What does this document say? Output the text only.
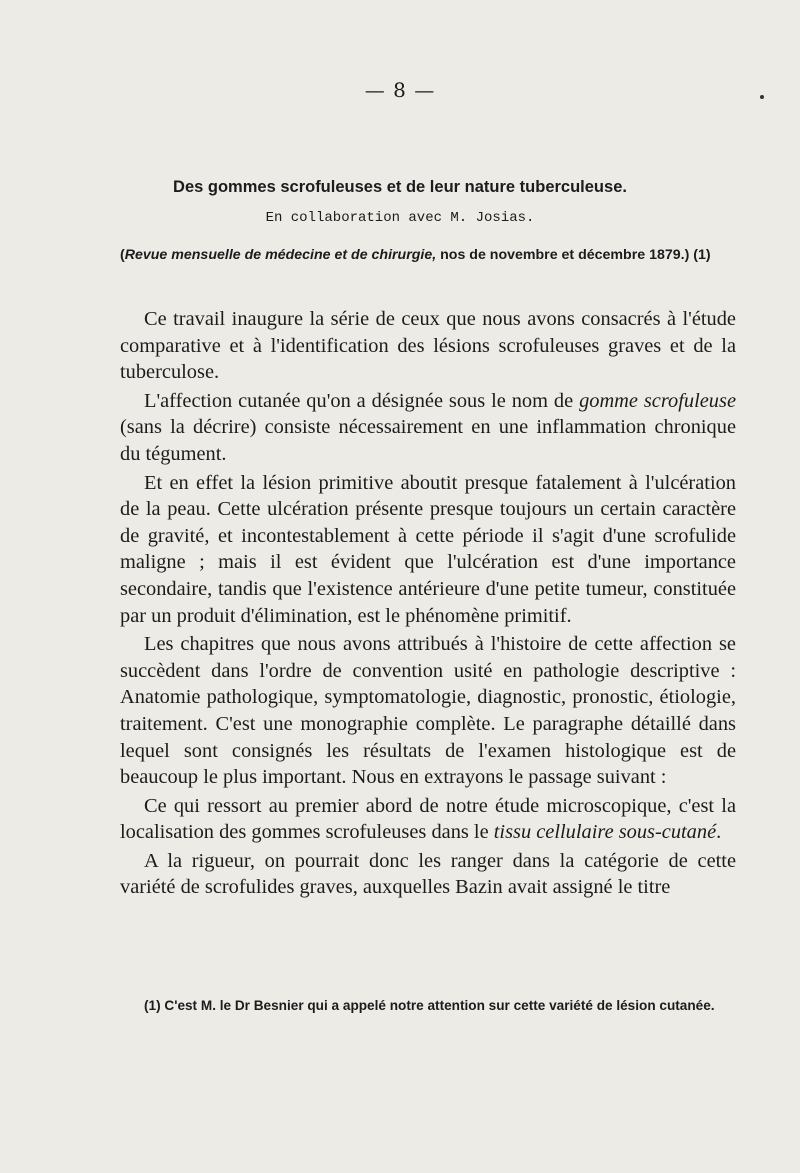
— 8 —
Des gommes scrofuleuses et de leur nature tuberculeuse.
En collaboration avec M. Josias.
(Revue mensuelle de médecine et de chirurgie, nos de novembre et décembre 1879.) (1)

Ce travail inaugure la série de ceux que nous avons consacrés à l'étude comparative et à l'identification des lésions scrofuleuses graves et de la tuberculose.

L'affection cutanée qu'on a désignée sous le nom de gomme scrofuleuse (sans la décrire) consiste nécessairement en une inflammation chronique du tégument.

Et en effet la lésion primitive aboutit presque fatalement à l'ulcération de la peau. Cette ulcération présente presque toujours un certain caractère de gravité, et incontestablement à cette période il s'agit d'une scrofulide maligne ; mais il est évident que l'ulcération est d'une importance secondaire, tandis que l'existence antérieure d'une petite tumeur, constituée par un produit d'élimination, est le phénomène primitif.

Les chapitres que nous avons attribués à l'histoire de cette affection se succèdent dans l'ordre de convention usité en pathologie descriptive : Anatomie pathologique, symptomatologie, diagnostic, pronostic, étiologie, traitement. C'est une monographie complète. Le paragraphe détaillé dans lequel sont consignés les résultats de l'examen histologique est de beaucoup le plus important. Nous en extrayons le passage suivant :

Ce qui ressort au premier abord de notre étude microscopique, c'est la localisation des gommes scrofuleuses dans le tissu cellulaire sous-cutané.

A la rigueur, on pourrait donc les ranger dans la catégorie de cette variété de scrofulides graves, auxquelles Bazin avait assigné le titre

(1) C'est M. le Dr Besnier qui a appelé notre attention sur cette variété de lésion cutanée.
